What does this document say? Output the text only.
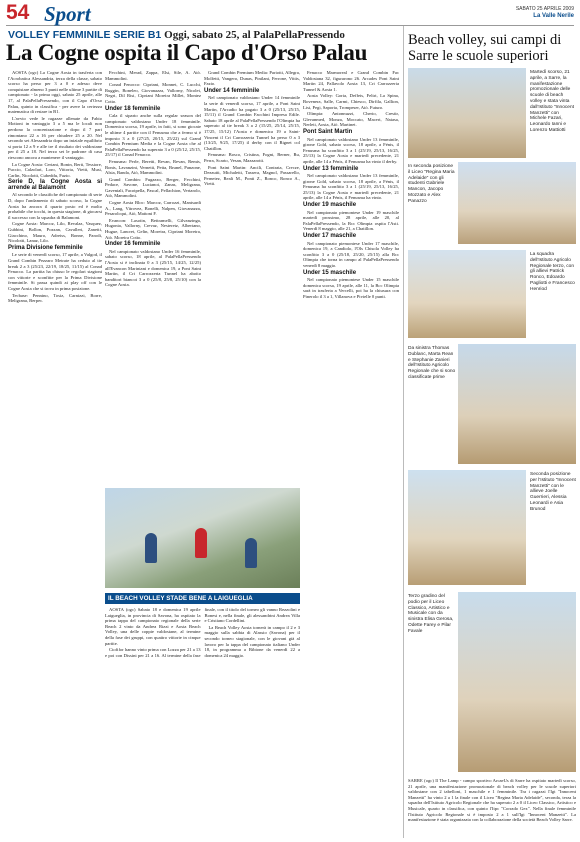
54 Sport	SABATO 25 APRILE 2009
La Valle Nerile
VOLLEY FEMMINILE SERIE B1 Oggi, sabato 25, al PalaPellaPressendo
La Cogne ospita il Capo d'Orso Palau

AOSTA (ogc) La Cogne Aosta in trasferta con l'Acrobatica Alessandria, terza della classe, sabato scorso ha perso per 3 a 0 e adesso deve conquistare almeno 3 punti nelle ultime 3 partite di campionato - la prima oggi, sabato 25 aprile, alle 17, al PalaPellaPressendo, con il Capo d'Orso Palau, quinto in classifica - per avere la certezza matematica di restare in B1.

L'avvio vede le ragazze allenate da Fabio Mottoni in vantaggio 3 a 5 ma le locali non perdono la concentrazione e dopo il 7 pari rimontano 22 a 16 per chiudere 25 a 20. Nel secondo set Alessandria dopo un iniziale equilibrio si porta 12 a 9 e alle tre il risultato dei valdostane per il 25 a 18. Nel terzo set le padrone di casa riescono ancora a mantenere il vantaggio.

La Cogne Aosta: Ceriani, Bonin, Berti, Tessiore, Puccio, Calzolari, Loro, Vittoria, Vietti, Musi, Carlin, Nicolotti, Cubeddu, Fazio.

Serie D, la Cogne Aosta si arrende al Balamont

Al secondo le classifiche del campionato di serie D, dopo l'andamento di sabato scorso, la Cogne Aosta ha ancora il quarto posto ed è molto probabile che tocchi, in questa stagione, di giocarsi il successo con la squadra di Balamont.

Cogne Aosta: Marcoz, Lilo, Revalaz, Vasquez, Gubbini, Bollon, Pozzan, Cavalleri, Zanetti, Giacchino, Mauro, Adreiss, Bonne, Parodi, Nicolotti, Lanaz, Lilo.

Prima Divisione femminile

Le serie di venerdì scorso, 17 aprile, a Valgod, il Grand Combin Pezzaro Metrate ha ceduto al tie break 2 a 3 (25/23, 22/19, 18/25, 11/15) al Conad Fenacco. La partita ha chiuso le regolari stagioni con vittorie e sconfitte per la Prima Divisione femminile. Si passa quindi ai play off con le Cogne Aosta che si trova in prima posizione.

Tecbase: Pennino, Tosiz, Carnizzi, Borre, Meligrana, Berpec.

Fecchini, Merad, Zappa, Elsi, Sile, A. Aiò. Mammolini.

Conad Fenocco: Cipriani, Monnet, C. Lucchi, Ruggin, Boneleo, Giovanazza, Vallorny, Nicolet, Negri, Dil Risi, Cipriani Moreira Millet, Montez Cotto.

Under 18 femminile

Cala il sipario anche sulla regular season del campionato valdostano Under 18 femminile. Domenica scorsa, 19 aprile, in fatti, si sono giocate le ultime 4 partite con il Fenusma che a fermo si è imposto 3 a 0 (27/25, 20/15, 25/22) sul Grand Combin Premium Media e la Cogne Aosta che al PalaPellaPressendo ha superato 3 a 0 (25/12, 25/15, 25/17) il Conad Fenacco.

Fenusma: Perle, Beretti, Revan, Revan, Remis, Bonis, Lavanzini, Vernetti, Petta, Brunel, Panzone, Alsia, Banda, Aiò, Mammolini.

Grand Combin: Fugazzo, Berger, Fecchini, Pedace, Savone, Lucianoi, Zanas, Meligrana, Gaveniali, Facotpella, Pascal, Pellachion, Vertarolo, Aiò, Mammolini.

Cogne Aosta Bloc: Marcoz, Carrozzi, Mantsardi A., Lang, Vitrovez, Bonelli, Nalpen, Giovanazza, Pesarolcqui, Aiò, Mattoni F.

Evancon: Lasotin, Bettramelli, Gilvanzinga, Hugonia, Vallorny, Crevaz, Nesteretz, Albertano, Hugue, Lancret, Gelin, Moreira, Cipriani Moreira, Aiò. Moreira Cotto.

Under 16 femminile

Nel campionato valdostano Under 16 femminile, sabato scorso, 18 aprile, al PalaPellaPressendo l'Aosta si è inclinata 0 a 3 (25/15, 14/25, 12/25) all'Evancon Mariniani e domenica 19, a Pont Saint Martin, il Cri Carrozzeria Tunnel ha aboito banditori biancoi 3 a 0 (25/8, 25/8, 25/10) con la Cogne Aosta.

Grand Combin Premium Media: Pariotti, Allegra, Molfetti, Vangero, Dunas, Pinilani, Ferrone, Vittis, Fazio.

Under 14 femminile

Nel campionato valdostano Under 14 femminile la serie di venerdì scorso, 17 aprile, a Pont Saint Martin, l'Arcadio ha pagato 3 a 0 (25/13, 25/15, 15/11) il Grand Combin Facchini Impresa Edile. Sabato 18 aprile al PalaPellaPressendo l'Olimpia ha superato al tie break 3 a 2 (15/25, 25/14, 25/15, 17/25, 15/12) l'Aosta e domenica 19 a Saint-Vincent il Cri Carrozzeria Tunnel ha perso 0 a 3 (13/25, 9/25, 17/25) il derby con il Rignet col Chatillon.

Fenusma: Bosco, Cristina, Fogni, Berner, Ru, Perra, Scarto, Vesan, Mazzarotti.

Pont Saint Martin: Ancili, Contrata, Crecze, Dezzutti, Michaletti, Tassera, Magnol, Passarello, Pernetez, Reali M., Ponti Z., Ronco, Ronco A., Vietti.

Fenacco Marmoreal e Grand Combin Fac Valdostana 32, figurarono 26. Arcades Pont Saint Martin 24, Pallavolo Aosta 13, Cri Carrozzeria Tunnel & Aosta 1.

Aosta Volley: Goria, Deffeis, Feltri, La Spina, Bovenera, Salle, Carmi, Chiesco, Dirfila, Gallion, Lisi, Pegi, Saporta, Trompeser, Aiò. Futuro.

Olimpia: Antonnuzzi, Cherio, Crestir, Glevanmed, Monza, Moccato, Maceri, Naiasa, Nerleti, Aosta, Aiò. Martinet.

Pont Saint Martin

Nel campionato valdostano Under 13 femminile, girone Gold, sabato scorso, 18 aprile, a Fénis, il Fenusma ha sconfitto 3 a 1 (25/19, 25/13, 16/25, 25/13) la Cogne Aosta e martedì precedente, 21 aprile, alle 14 a Fénis, il Fenusma ha vinto il derby.

Under 13 femminile

Nel campionato valdostano Under 13 femminile, girone Gold, sabato scorso, 18 aprile, a Fénis, il Fenusma ha sconfitto 3 a 1 (25/19, 25/13, 16/25, 25/13) la Cogne Aosta e martedì precedente, 21 aprile, alle 14 a Fénis, il Fenusma ha vinto.

Under 19 maschile

Nel campionato piemontese Under 19 maschile martedì prossimo, 28 aprile, alle 20, al PalaPellaPressendo, la Bcc Olimpia ospita l'Asti. Venerdì 8 maggio, alle 21, a Chatillon.

Under 17 maschile

Nel campionato piemontese Under 17 maschile, domenica 19, a Candiolo, l'Ols Chisola Volley ha sconfitto 3 a 0 (25/18, 25/20, 25/15) alla Bcc Olimpia che torna in campo al PalaPellaPressendo venerdì 8 maggio.

Under 15 maschile

Nel campionato piemontese Under 15 maschile domenica scorsa, 19 aprile, alle 11, la Bcc Olimpia sarà in trasferta a Vercelli, poi ha la chiusura con Pinerolo il 3 a 1, Villanova e Pivielle 0 punti.

IL BEACH VOLLEY STADE BENE A LAIGUEGLIA

AOSTA (ogc) Sabato 18 e domenica 19 aprile Laigueglia, in provincia di Savona, ha ospitato la prima tappa del campionato regionale della serie Beach 2 vinto da Andrea Rizzi e Aosta Beach Volley, una delle coppie valdostane, al termine della fase dei gruppi, con quattro vittorie in cinque partite.

Ciofifor hanno vinto prima con Lozza per 21 a 13 e poi con Dissini per 21 a 16. Al termine della fase finale, con il titolo del torneo gli vanno Rezzolini e Bonesi e, nella finale, gli alessandrini Andrea Villa e Cristiano Cordellini.

La Beach Volley Aosta tornerà in campo il 2 e 3 maggio sulla sabbia di Alassio (Savona) per il secondo torneo stagionale, con le giovani già al lavoro per la tappa del campionato italiano Under 18, in programma a Bibione da venerdì 22 a domenica 24 maggio.

Beach volley, sui campi di Sarre le scuole superiori
Martedì scorso, 21 aprile, a Sarre, la manifestazione promozionale delle scuole di beach volley e stata vinta dall'Istituto "Innocent Manzetti" con Michele Fazari, Leonardo Ianni e Lorenzo Mattiotti
In seconda posizione il Liceo "Regina Maria Adelaide" con gli studenti Gabriele Mancon, Jacopo Mozzato e Alex Panazzo
La squadra dell'Istituto Agricolo Regionale terzo, con gli allievi Patrick Ronco, Edoardo Pagliotti e Francesco Henriod
Da sinistra Thomas Dublanc, Marta Rean e Stephanie Zanieri dell'Istituto Agricolo Regionale che si sono classificate prime
Seconda posizione per l'Istituto "Innocent Manzetti" con le allieve Joelle Guerrieri, Alessia Leonardi e Asia Brunod
Terzo gradino del podio per il Liceo Classico, Artistico e Musicale con da sinistra Elisa Gerosa, Odette Farey e Pilar Favale
SARRE (ogc) Il The Lamp - campo sportivo ArcaeUs di Sarre ha ospitato martedì scorso, 21 aprile, una manifestazione promozionale di beach volley per le scuole superiori valdostane con 2 tabelloni, 1 maschile e 1 femminile. Tra i ragazzi l'Igt "Innocent Manzetti" ha vinto 2 a 1 la finale con il Liceo "Regina Maria Adelaide", seconda, terza la squadra dell'Istituto Agricolo Regionale che ha superato 2 a 0 il Liceo Classico, Artistico e Musicale, quarto in classifica, con quinto l'Itpc "Corrado Gex". Nella finale femminile l'Istituto Agricolo Regionale si è imposto 2 a 1 sull'Igt "Innocent Manzetti". La manifestazione è stata organizzata con la collaborazione della società Beach Volley Sarre.
